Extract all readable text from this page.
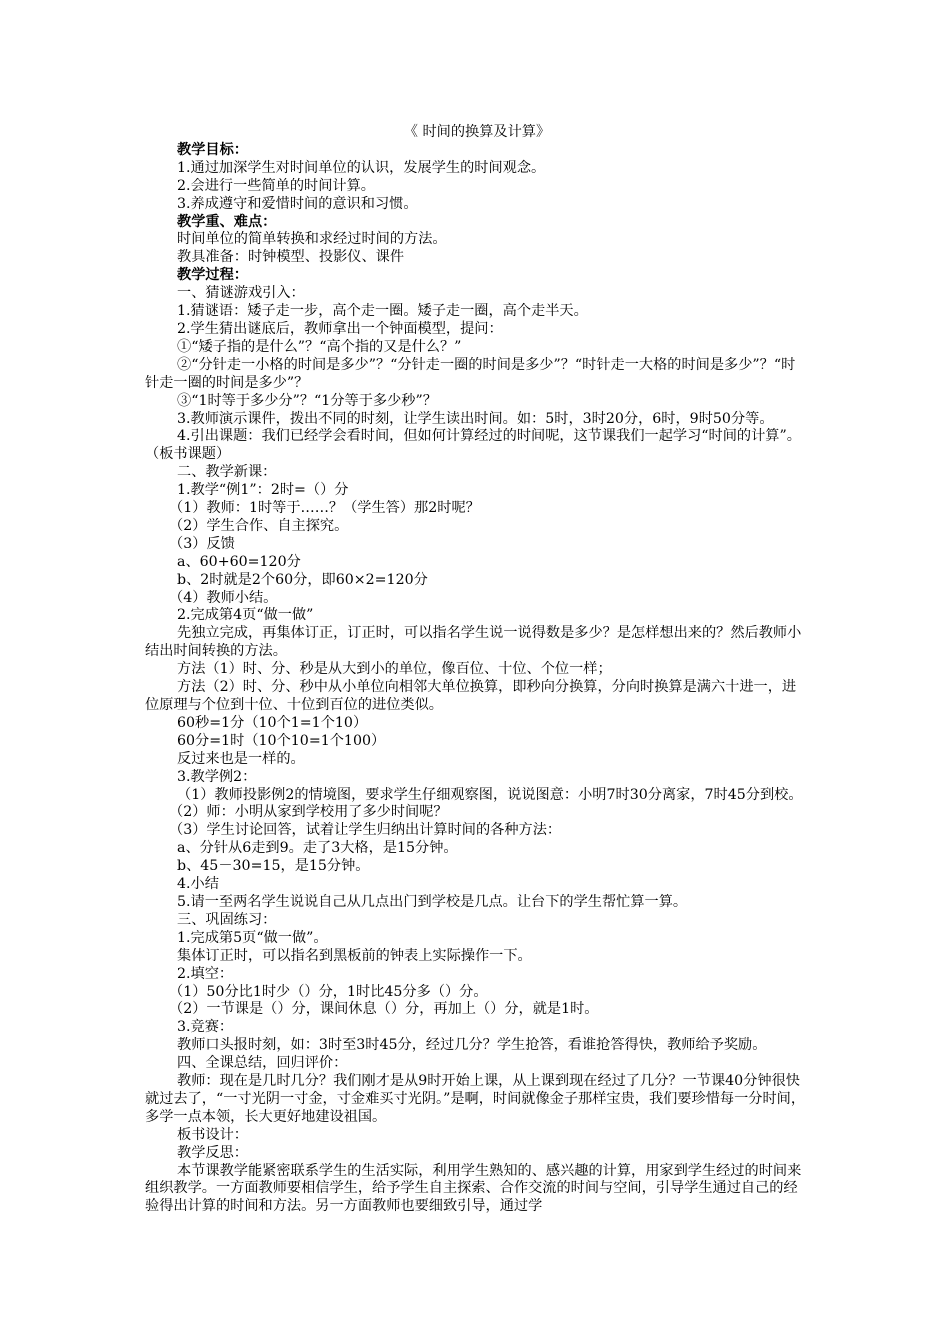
《 时间的换算及计算》

教学目标：

1.通过加深学生对时间单位的认识，发展学生的时间观念。

2.会进行一些简单的时间计算。

3.养成遵守和爱惜时间的意识和习惯。

教学重、难点：

时间单位的简单转换和求经过时间的方法。

教具准备：时钟模型、投影仪、课件

教学过程：

一、猜谜游戏引入：

1.猜谜语：矮子走一步，高个走一圈。矮子走一圈，高个走半天。

2.学生猜出谜底后，教师拿出一个钟面模型，提问：

①“矮子指的是什么”？“高个指的又是什么？”

②“分针走一小格的时间是多少”？“分针走一圈的时间是多少”？“时针走一大格的时间是多少”？“时针走一圈的时间是多少”？

③“1时等于多少分”？“1分等于多少秒”？

3.教师演示课件，拨出不同的时刻，让学生读出时间。如：5时，3时20分，6时，9时50分等。

4.引出课题：我们已经学会看时间，但如何计算经过的时间呢，这节课我们一起学习“时间的计算”。（板书课题）

二、教学新课：

1.教学“例1”：2时=（）分

（1）教师：1时等于……？（学生答）那2时呢？

（2）学生合作、自主探究。

（3）反馈

a、60+60=120分

b、2时就是2个60分，即60×2=120分

（4）教师小结。

2.完成第4页“做一做”

先独立完成，再集体订正，订正时，可以指名学生说一说得数是多少？是怎样想出来的？然后教师小结出时间转换的方法。

方法（1）时、分、秒是从大到小的单位，像百位、十位、个位一样；

方法（2）时、分、秒中从小单位向相邻大单位换算，即秒向分换算，分向时换算是满六十进一，进位原理与个位到十位、十位到百位的进位类似。

60秒=1分（10个1=1个10）

60分=1时（10个10=1个100）

反过来也是一样的。

3.教学例2：

（1）教师投影例2的情境图，要求学生仔细观察图，说说图意：小明7时30分离家，7时45分到校。

（2）师：小明从家到学校用了多少时间呢？

（3）学生讨论回答，试着让学生归纳出计算时间的各种方法：

a、分针从6走到9。走了3大格，是15分钟。

b、45－30=15，是15分钟。

4.小结

5.请一至两名学生说说自己从几点出门到学校是几点。让台下的学生帮忙算一算。

三、巩固练习：

1.完成第5页“做一做”。

集体订正时，可以指名到黑板前的钟表上实际操作一下。

2.填空：

（1）50分比1时少（）分，1时比45分多（）分。

（2）一节课是（）分，课间休息（）分，再加上（）分，就是1时。

3.竞赛：

教师口头报时刻，如：3时至3时45分，经过几分？学生抢答，看谁抢答得快，教师给予奖励。

四、全课总结，回归评价：

教师：现在是几时几分？我们刚才是从9时开始上课，从上课到现在经过了几分？一节课40分钟很快就过去了，“一寸光阴一寸金，寸金难买寸光阴。”是啊，时间就像金子那样宝贵，我们要珍惜每一分时间，多学一点本领，长大更好地建设祖国。

板书设计：

教学反思：

本节课教学能紧密联系学生的生活实际，利用学生熟知的、感兴趣的计算，用家到学生经过的时间来组织教学。一方面教师要相信学生，给予学生自主探索、合作交流的时间与空间，引导学生通过自己的经验得出计算的时间和方法。另一方面教师也要细致引导，通过学
